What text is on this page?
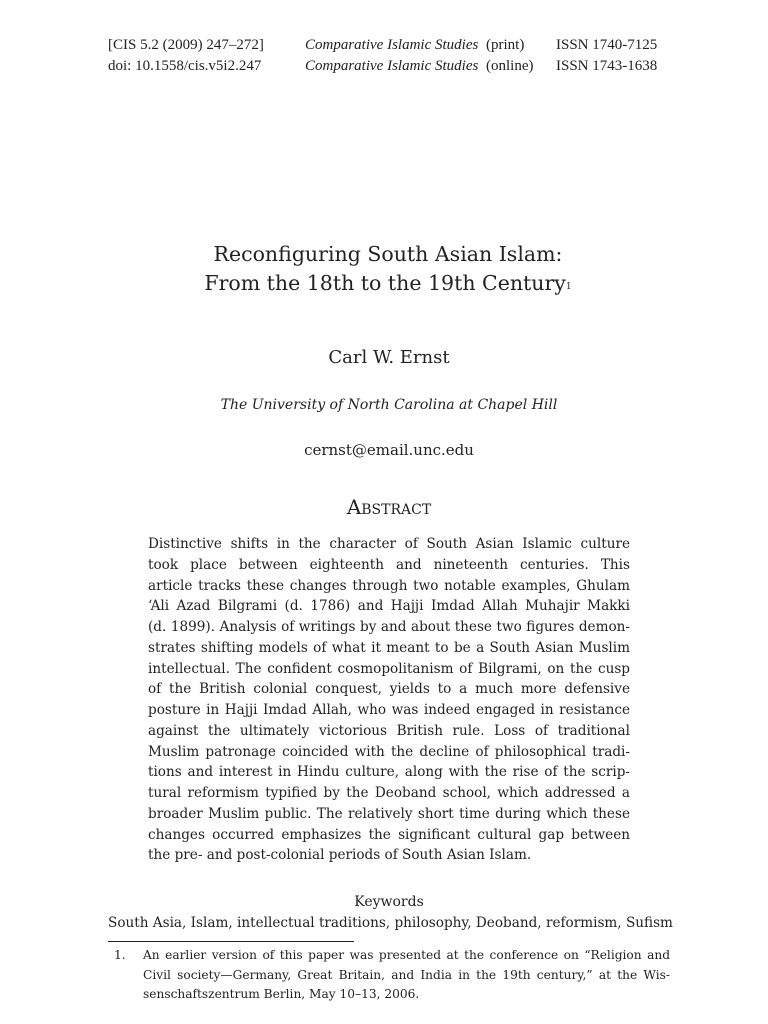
[CIS 5.2 (2009) 247–272]	Comparative Islamic Studies (print) ISSN 1740-7125
doi: 10.1558/cis.v5i2.247	Comparative Islamic Studies (online) ISSN 1743-1638
Reconfiguring South Asian Islam:
From the 18th to the 19th Century$^1$
Carl W. Ernst
The University of North Carolina at Chapel Hill
cernst@email.unc.edu
Abstract
Distinctive shifts in the character of South Asian Islamic culture
took place between eighteenth and nineteenth centuries. This
article tracks these changes through two notable examples, Ghulam
‘Ali Azad Bilgrami (d. 1786) and Hajji Imdad Allah Muhajir Makki
(d. 1899). Analysis of writings by and about these two figures demon-
strates shifting models of what it meant to be a South Asian Muslim
intellectual. The confident cosmopolitanism of Bilgrami, on the cusp
of the British colonial conquest, yields to a much more defensive
posture in Hajji Imdad Allah, who was indeed engaged in resistance
against the ultimately victorious British rule. Loss of traditional
Muslim patronage coincided with the decline of philosophical tradi-
tions and interest in Hindu culture, along with the rise of the scrip-
tural reformism typified by the Deoband school, which addressed a
broader Muslim public. The relatively short time during which these
changes occurred emphasizes the significant cultural gap between
the pre- and post-colonial periods of South Asian Islam.
Keywords
South Asia, Islam, intellectual traditions, philosophy, Deoband, reformism, Sufism
1. An earlier version of this paper was presented at the conference on “Religion and
Civil society—Germany, Great Britain, and India in the 19th century,” at the Wis-
senschaftszentrum Berlin, May 10–13, 2006.
